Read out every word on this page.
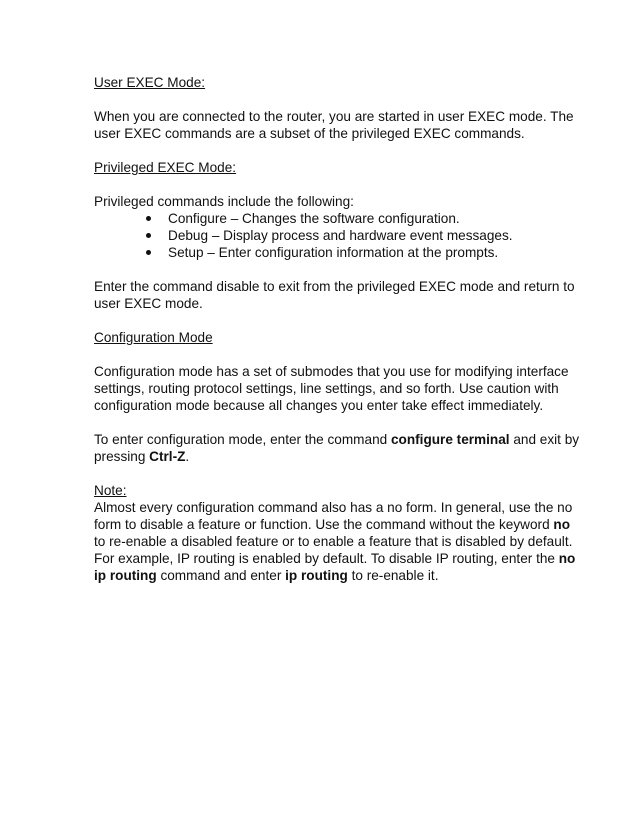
User EXEC Mode:

When you are connected to the router, you are started in user EXEC mode. The

user EXEC commands are a subset of the privileged EXEC commands.

Privileged EXEC Mode:

Privileged commands include the following:

Configure – Changes the software configuration.
Debug – Display process and hardware event messages.
Setup – Enter configuration information at the prompts.

Enter the command disable to exit from the privileged EXEC mode and return to

user EXEC mode.

Configuration Mode

Configuration mode has a set of submodes that you use for modifying interface

settings, routing protocol settings, line settings, and so forth. Use caution with

configuration mode because all changes you enter take effect immediately.

To enter configuration mode, enter the command configure terminal and exit by

pressing Ctrl-Z.

Note:

Almost every configuration command also has a no form. In general, use the no

form to disable a feature or function. Use the command without the keyword no

to re-enable a disabled feature or to enable a feature that is disabled by default.

For example, IP routing is enabled by default. To disable IP routing, enter the no

ip routing command and enter ip routing to re-enable it.
